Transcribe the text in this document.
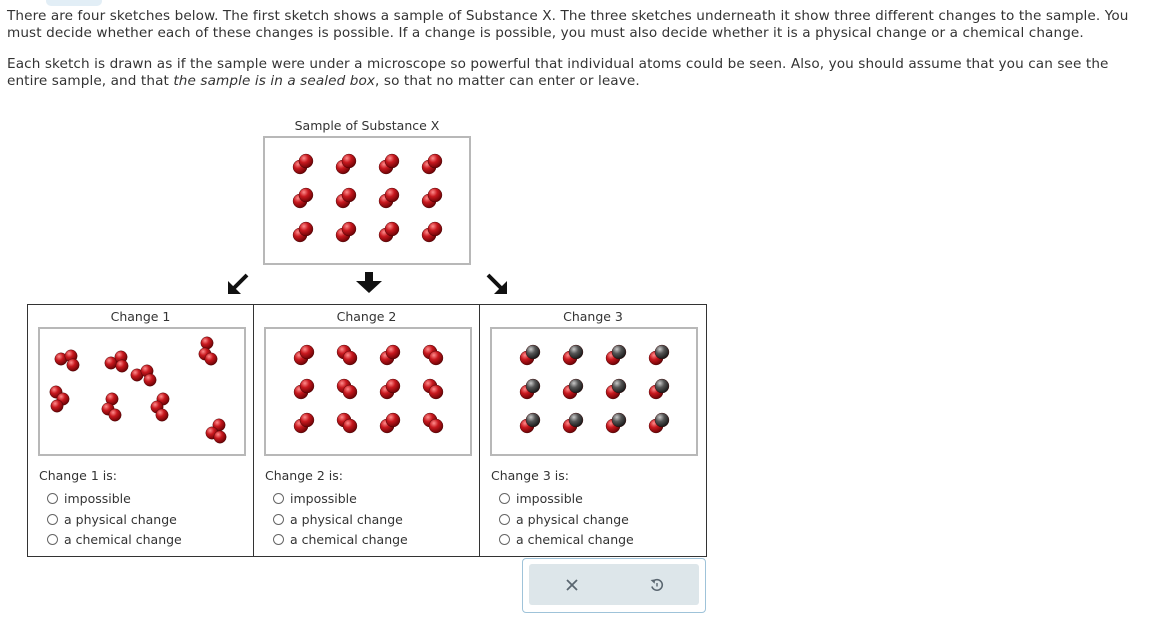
There are four sketches below. The first sketch shows a sample of Substance X. The three sketches underneath it show three different changes to the sample. You must decide whether each of these changes is possible. If a change is possible, you must also decide whether it is a physical change or a chemical change.

Each sketch is drawn as if the sample were under a microscope so powerful that individual atoms could be seen. Also, you should assume that you can see the entire sample, and that the sample is in a sealed box, so that no matter can enter or leave.

Sample of Substance X
Change 1
Change 1 is:
impossible
a physical change
a chemical change
Change 2
Change 2 is:
impossible
a physical change
a chemical change
Change 3
Change 3 is:
impossible
a physical change
a chemical change
